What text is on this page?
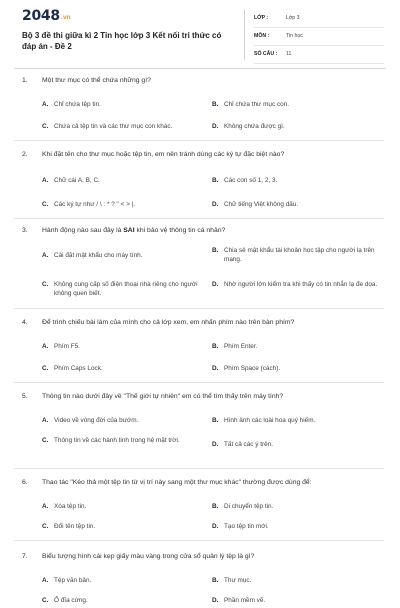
2048.vn
Bộ 3 đề thi giữa kì 2 Tin học lớp 3 Kết nối tri thức có đáp án - Đề 2
LỚP :	Lớp 3
MÔN :	Tin học
SỐ CÂU : 11
1. Một thư mục có thể chứa những gì?
A. Chỉ chứa tệp tin.	B. Chỉ chứa thư mục con.
C. Chứa cả tệp tin và các thư mục con khác.	D. Không chứa được gì.
2. Khi đặt tên cho thư mục hoặc tệp tin, em nên tránh dùng các ký tự đặc biệt nào?
A. Chữ cái A, B, C.	B. Các con số 1, 2, 3.
C. Các ký tự như / \ : * ? " < > |.	D. Chữ tiếng Việt không dấu.
3. Hành động nào sau đây là SAI khi bảo vệ thông tin cá nhân?
A. Cài đặt mật khẩu cho máy tính.
B. Chia sẻ mật khẩu tài khoản học tập cho người lạ trên mạng.
C. Không cung cấp số điện thoại nhà riêng cho người không quen biết.
D. Nhờ người lớn kiểm tra khi thấy có tin nhắn lạ đe dọa.
4. Để trình chiếu bài làm của mình cho cả lớp xem, em nhấn phím nào trên bàn phím?
A. Phím F5.	B. Phím Enter.
C. Phím Caps Lock.	D. Phím Space (cách).
5. Thông tin nào dưới đây về "Thế giới tự nhiên" em có thể tìm thấy trên máy tính?
A. Video về vòng đời của bướm.	B. Hình ảnh các loài hoa quý hiếm.
C. Thông tin về các hành tinh trong hệ mặt trời.
D. Tất cả các ý trên.
6. Thao tác "Kéo thả một tệp tin từ vị trí này sang một thư mục khác" thường được dùng để:
A. Xóa tệp tin.	B. Di chuyển tệp tin.
C. Đổi tên tệp tin.	D. Tạo tệp tin mới.
7. Biểu tượng hình cái kẹp giấy màu vàng trong cửa sổ quản lý tệp là gì?
A. Tệp văn bản.	B. Thư mục.
C. Ổ đĩa cứng.	D. Phần mềm vẽ.
